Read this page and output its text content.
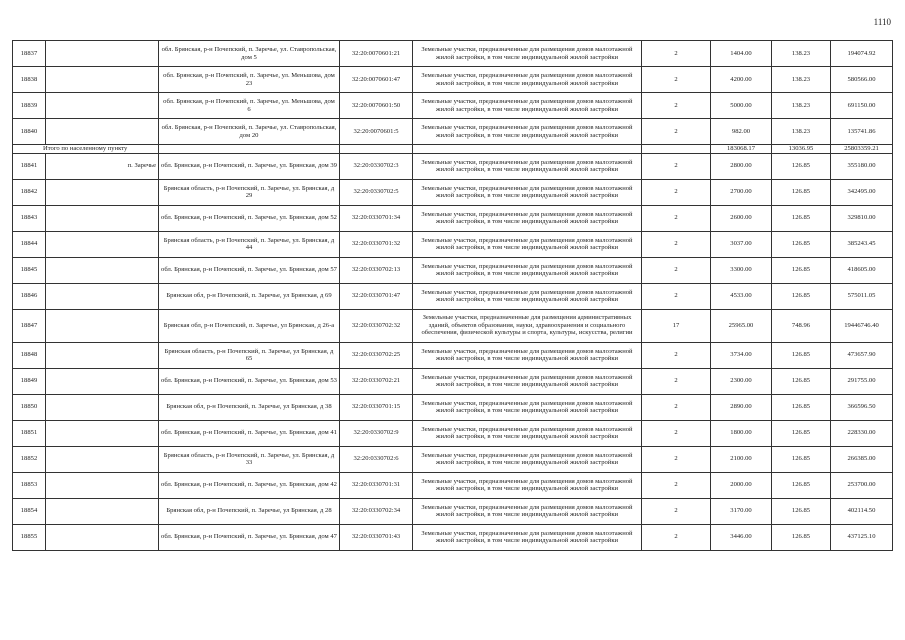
1110
18837		обл. Брянская, р-н Почепский, п. Заречье, ул. Ставропольская, дом 5	32:20:0070601:21	Земельные участки, предназначенные для размещения домов малоэтажной жилой застройки, в том числе индивидуальной жилой застройки	2	1404.00	138.23	194074.92
18838		обл. Брянская, р-н Почепский, п. Заречье, ул. Меньшова, дом 23	32:20:0070601:47	Земельные участки, предназначенные для размещения домов малоэтажной жилой застройки, в том числе индивидуальной жилой застройки	2	4200.00	138.23	580566.00
18839		обл. Брянская, р-н Почепский, п. Заречье, ул. Меньшова, дом 6	32:20:0070601:50	Земельные участки, предназначенные для размещения домов малоэтажной жилой застройки, в том числе индивидуальной жилой застройки	2	5000.00	138.23	691150.00
18840		обл. Брянская, р-н Почепский, п. Заречье, ул. Ставропольская, дом 20	32:20:0070601:5	Земельные участки, предназначенные для размещения домов малоэтажной жилой застройки, в том числе индивидуальной жилой застройки	2	982.00	138.23	135741.86
Итого по населенному пункту						183068.17	13036.95	25803359.21
18841	п. Заречье	обл. Брянская, р-н Почепский, п. Заречье, ул. Брянская, дом 39	32:20:0330702:3	Земельные участки, предназначенные для размещения домов малоэтажной жилой застройки, в том числе индивидуальной жилой застройки	2	2800.00	126.85	355180.00
18842		Брянская область, р-н Почепский, п. Заречье, ул. Брянская, д 29	32:20:0330702:5	Земельные участки, предназначенные для размещения домов малоэтажной жилой застройки, в том числе индивидуальной жилой застройки	2	2700.00	126.85	342495.00
18843		обл. Брянская, р-н Почепский, п. Заречье, ул. Брянская, дом 52	32:20:0330701:34	Земельные участки, предназначенные для размещения домов малоэтажной жилой застройки, в том числе индивидуальной жилой застройки	2	2600.00	126.85	329810.00
18844		Брянская область, р-н Почепский, п. Заречье, ул. Брянская, д 44	32:20:0330701:32	Земельные участки, предназначенные для размещения домов малоэтажной жилой застройки, в том числе индивидуальной жилой застройки	2	3037.00	126.85	385243.45
18845		обл. Брянская, р-н Почепский, п. Заречье, ул. Брянская, дом 57	32:20:0330702:13	Земельные участки, предназначенные для размещения домов малоэтажной жилой застройки, в том числе индивидуальной жилой застройки	2	3300.00	126.85	418605.00
18846		Брянская обл, р-н Почепский, п. Заречье, ул Брянская, д 69	32:20:0330701:47	Земельные участки, предназначенные для размещения домов малоэтажной жилой застройки, в том числе индивидуальной жилой застройки	2	4533.00	126.85	575011.05
18847		Брянская обл, р-н Почепский, п. Заречье, ул Брянская, д 26-а	32:20:0330702:32	Земельные участки, предназначенные для размещения административных зданий, объектов образования, науки, здравоохранения и социального обеспечения, физической культуры и спорта, культуры, искусства, религии	17	25965.00	748.96	19446746.40
18848		Брянская область, р-н Почепский, п. Заречье, ул Брянская, д 65	32:20:0330702:25	Земельные участки, предназначенные для размещения домов малоэтажной жилой застройки, в том числе индивидуальной жилой застройки	2	3734.00	126.85	473657.90
18849		обл. Брянская, р-н Почепский, п. Заречье, ул. Брянская, дом 53	32:20:0330702:21	Земельные участки, предназначенные для размещения домов малоэтажной жилой застройки, в том числе индивидуальной жилой застройки	2	2300.00	126.85	291755.00
18850		Брянская обл, р-н Почепский, п. Заречье, ул Брянская, д 38	32:20:0330701:15	Земельные участки, предназначенные для размещения домов малоэтажной жилой застройки, в том числе индивидуальной жилой застройки	2	2890.00	126.85	366596.50
18851		обл. Брянская, р-н Почепский, п. Заречье, ул. Брянская, дом 41	32:20:0330702:9	Земельные участки, предназначенные для размещения домов малоэтажной жилой застройки, в том числе индивидуальной жилой застройки	2	1800.00	126.85	228330.00
18852		Брянская область, р-н Почепский, п. Заречье, ул. Брянская, д 33	32:20:0330702:6	Земельные участки, предназначенные для размещения домов малоэтажной жилой застройки, в том числе индивидуальной жилой застройки	2	2100.00	126.85	266385.00
18853		обл. Брянская, р-н Почепский, п. Заречье, ул. Брянская, дом 42	32:20:0330701:31	Земельные участки, предназначенные для размещения домов малоэтажной жилой застройки, в том числе индивидуальной жилой застройки	2	2000.00	126.85	253700.00
18854		Брянская обл, р-н Почепский, п. Заречье, ул Брянская, д 28	32:20:0330702:34	Земельные участки, предназначенные для размещения домов малоэтажной жилой застройки, в том числе индивидуальной жилой застройки	2	3170.00	126.85	402114.50
18855		обл. Брянская, р-н Почепский, п. Заречье, ул. Брянская, дом 47	32:20:0330701:43	Земельные участки, предназначенные для размещения домов малоэтажной жилой застройки, в том числе индивидуальной жилой застройки	2	3446.00	126.85	437125.10
